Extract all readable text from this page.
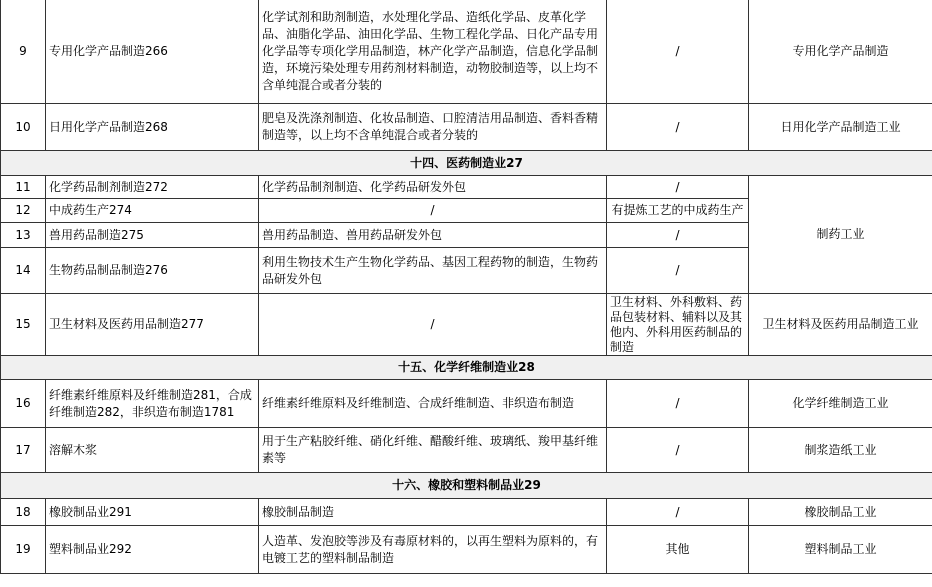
9	专用化学产品制造266	化学试剂和助剂制造，水处理化学品、造纸化学品、皮革化学品、油脂化学品、油田化学品、生物工程化学品、日化产品专用化学品等专项化学用品制造，林产化学产品制造，信息化学品制造，环境污染处理专用药剂材料制造，动物胶制造等，以上均不含单纯混合或者分装的	/	专用化学产品制造
10	日用化学产品制造268	肥皂及洗涤剂制造、化妆品制造、口腔清洁用品制造、香料香精制造等，以上均不含单纯混合或者分装的	/	日用化学产品制造工业
十四、医药制造业27				
11	化学药品制剂制造272	化学药品制剂制造、化学药品研发外包	/	制药工业
12	中成药生产274	/	有提炼工艺的中成药生产	

13	兽用药品制造275	兽用药品制造、兽用药品研发外包	/	
14	生物药品制品制造276	利用生物技术生产生物化学药品、基因工程药物的制造，生物药品研发外包	/	
15	卫生材料及医药用品制造277	/	卫生材料、外科敷料、药品包装材料、辅料以及其他内、外科用医药制品的制造	卫生材料及医药用品制造工业
十五、化学纤维制造业28				
16	纤维素纤维原料及纤维制造281，合成纤维制造282，非织造布制造1781	纤维素纤维原料及纤维制造、合成纤维制造、非织造布制造	/	化学纤维制造工业
17	溶解木浆	用于生产粘胶纤维、硝化纤维、醋酸纤维、玻璃纸、羧甲基纤维素等	/	制浆造纸工业
十六、橡胶和塑料制品业29				
18	橡胶制品业291	橡胶制品制造	/	橡胶制品工业
19	塑料制品业292	人造革、发泡胶等涉及有毒原材料的，以再生塑料为原料的，有电镀工艺的塑料制品制造	其他	塑料制品工业
